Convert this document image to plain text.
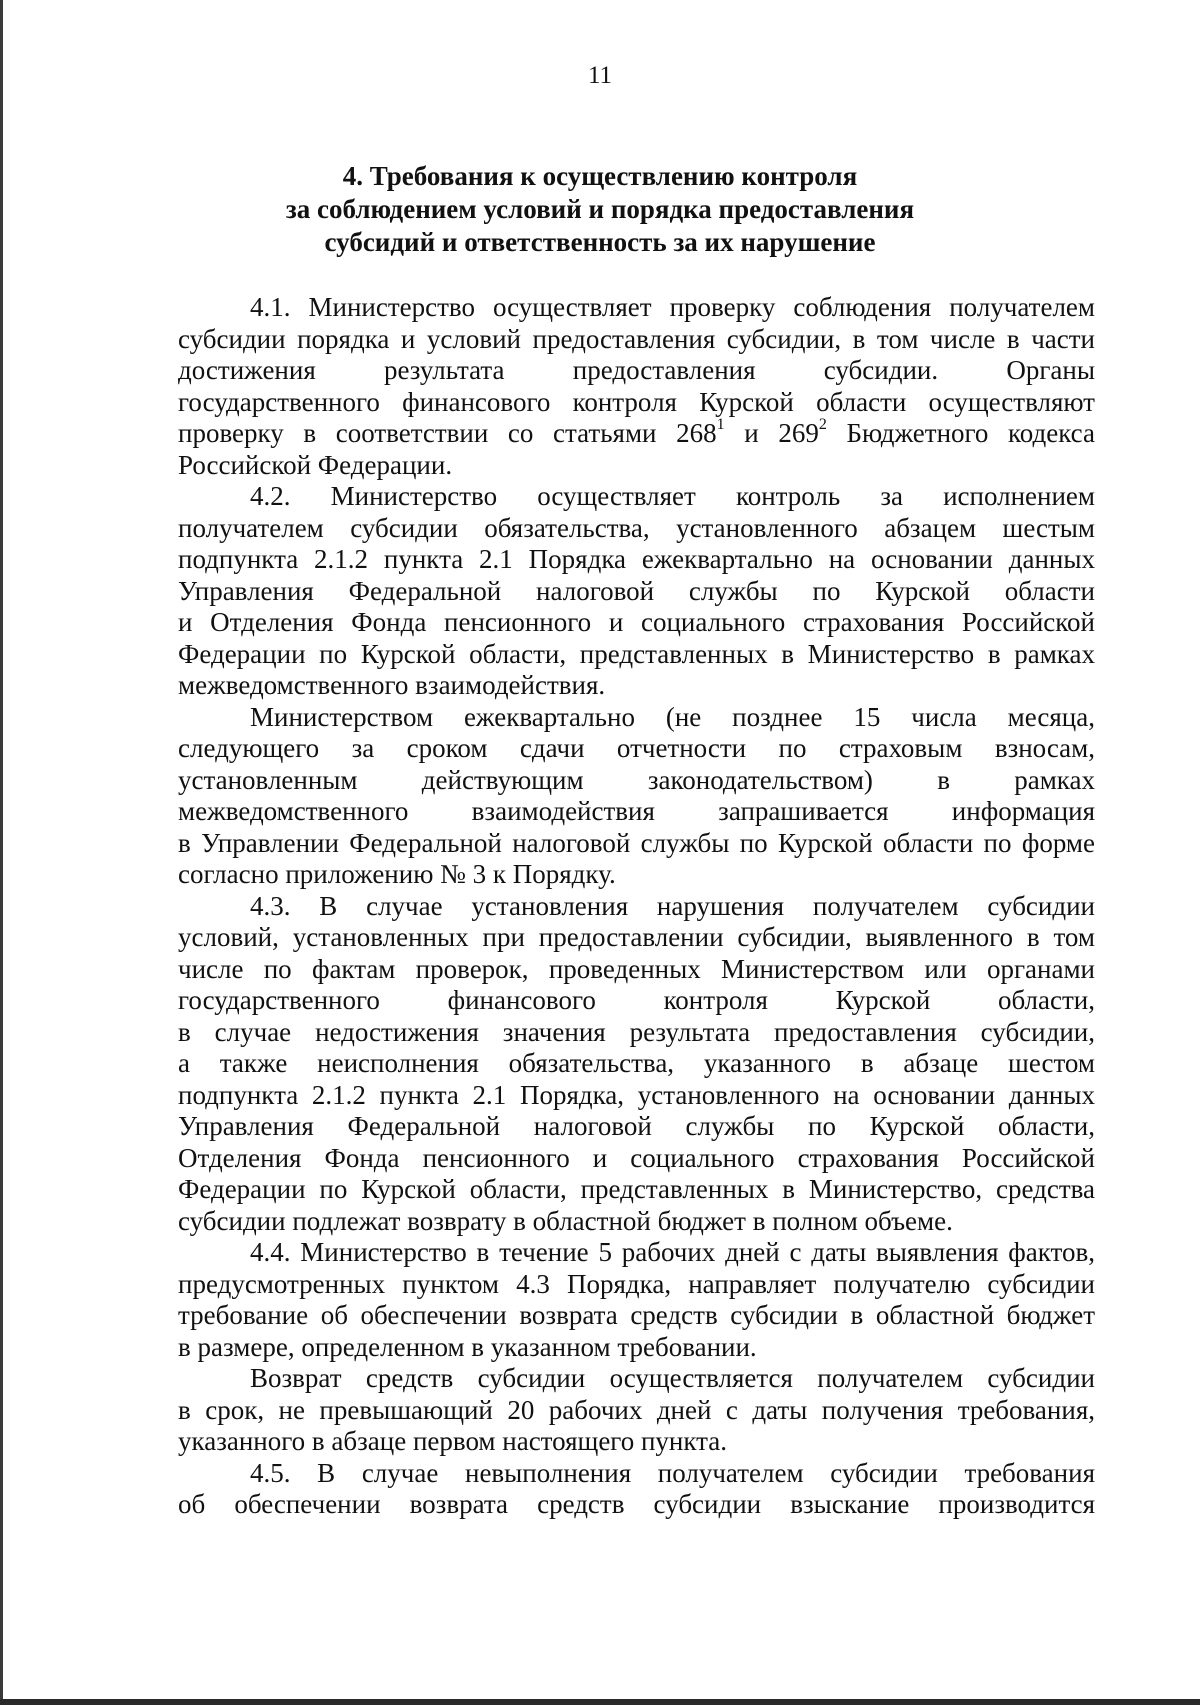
11
4. Требования к осуществлению контроля
за соблюдением условий и порядка предоставления
субсидий и ответственность за их нарушение
4.1. Министерство осуществляет проверку соблюдения получателем
субсидии порядка и условий предоставления субсидии, в том числе в части
достижения результата предоставления субсидии. Органы
государственного финансового контроля Курской области осуществляют
проверку в соответствии со статьями $268^1$ и $269^2$ Бюджетного кодекса
Российской Федерации.
4.2. Министерство осуществляет контроль за исполнением
получателем субсидии обязательства, установленного абзацем шестым
подпункта 2.1.2 пункта 2.1 Порядка ежеквартально на основании данных
Управления Федеральной налоговой службы по Курской области
и Отделения Фонда пенсионного и социального страхования Российской
Федерации по Курской области, представленных в Министерство в рамках
межведомственного взаимодействия.
Министерством ежеквартально (не позднее 15 числа месяца,
следующего за сроком сдачи отчетности по страховым взносам,
установленным действующим законодательством) в рамках
межведомственного взаимодействия запрашивается информация
в Управлении Федеральной налоговой службы по Курской области по форме
согласно приложению № 3 к Порядку.
4.3. В случае установления нарушения получателем субсидии
условий, установленных при предоставлении субсидии, выявленного в том
числе по фактам проверок, проведенных Министерством или органами
государственного финансового контроля Курской области,
в случае недостижения значения результата предоставления субсидии,
а также неисполнения обязательства, указанного в абзаце шестом
подпункта 2.1.2 пункта 2.1 Порядка, установленного на основании данных
Управления Федеральной налоговой службы по Курской области,
Отделения Фонда пенсионного и социального страхования Российской
Федерации по Курской области, представленных в Министерство, средства
субсидии подлежат возврату в областной бюджет в полном объеме.
4.4. Министерство в течение 5 рабочих дней с даты выявления фактов,
предусмотренных пунктом 4.3 Порядка, направляет получателю субсидии
требование об обеспечении возврата средств субсидии в областной бюджет
в размере, определенном в указанном требовании.
Возврат средств субсидии осуществляется получателем субсидии
в срок, не превышающий 20 рабочих дней с даты получения требования,
указанного в абзаце первом настоящего пункта.
4.5. В случае невыполнения получателем субсидии требования
об обеспечении возврата средств субсидии взыскание производится
